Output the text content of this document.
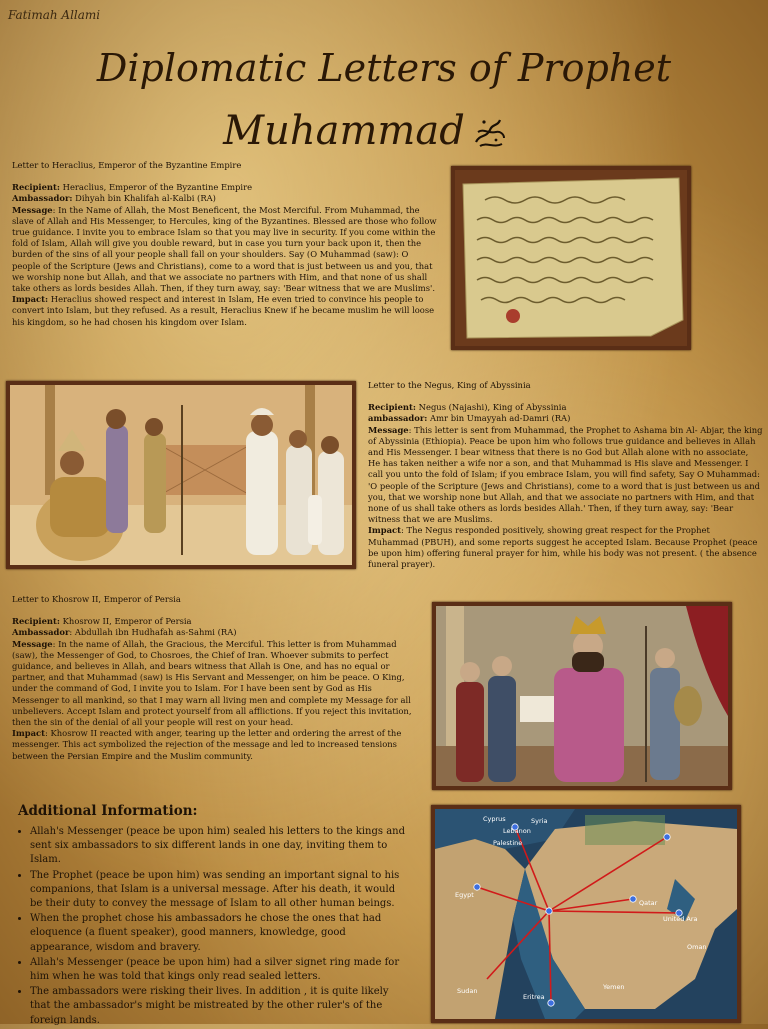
Fatimah Allami
Diplomatic Letters of Prophet
Muhammad

Letter to Heraclius, Emperor of the Byzantine Empire

Recipient: Heraclius, Emperor of the Byzantine Empire

Ambassador: Dihyah bin Khalifah al-Kalbi (RA)

Message: In the Name of Allah, the Most Beneficent, the Most Merciful. From Muhammad, the slave of Allah and His Messenger, to Hercules, king of the Byzantines. Blessed are those who follow true guidance. I invite you to embrace Islam so that you may live in security. If you come within the fold of Islam, Allah will give you double reward, but in case you turn your back upon it, then the burden of the sins of all your people shall fall on your shoulders. Say (O Muhammad (saw): O people of the Scripture (Jews and Christians), come to a word that is just between us and you, that we worship none but Allah, and that we associate no partners with Him, and that none of us shall take others as lords besides Allah. Then, if they turn away, say: 'Bear witness that we are Muslims'.

Impact: Heraclius showed respect and interest in Islam, He even tried to convince his people to convert into Islam, but they refused. As a result, Heraclius Knew if he became muslim he will loose his kingdom, so he had chosen his kingdom over Islam.

Letter to the Negus, King of Abyssinia

Recipient: Negus (Najashi), King of Abyssinia

ambassador: Amr bin Umayyah ad-Damri (RA)

Message: This letter is sent from Muhammad, the Prophet to Ashama bin Al- Abjar, the king of Abyssinia (Ethiopia). Peace be upon him who follows true guidance and believes in Allah and His Messenger. I bear witness that there is no God but Allah alone with no associate, He has taken neither a wife nor a son, and that Muhammad is His slave and Messenger. I call you unto the fold of Islam; if you embrace Islam, you will find safety, Say O Muhammad: 'O people of the Scripture (Jews and Christians), come to a word that is just between us and you, that we worship none but Allah, and that we associate no partners with Him, and that none of us shall take others as lords besides Allah.' Then, if they turn away, say: 'Bear witness that we are Muslims.

Impact: The Negus responded positively, showing great respect for the Prophet Muhammad (PBUH), and some reports suggest he accepted Islam. Because Prophet (peace be upon him) offering funeral prayer for him, while his body was not present. ( the absence funeral prayer).

Letter to Khosrow II, Emperor of Persia

Recipient: Khosrow II, Emperor of Persia

Ambassador: Abdullah ibn Hudhafah as-Sahmi (RA)

Message: In the name of Allah, the Gracious, the Merciful. This letter is from Muhammad (saw), the Messenger of God, to Chosroes, the Chief of Iran. Whoever submits to perfect guidance, and believes in Allah, and bears witness that Allah is One, and has no equal or partner, and that Muhammad (saw) is His Servant and Messenger, on him be peace. O King, under the command of God, I invite you to Islam. For I have been sent by God as His Messenger to all mankind, so that I may warn all living men and complete my Message for all unbelievers. Accept Islam and protect yourself from all afflictions. If you reject this invitation, then the sin of the denial of all your people will rest on your head.

Impact: Khosrow II reacted with anger, tearing up the letter and ordering the arrest of the messenger. This act symbolized the rejection of the message and led to increased tensions between the Persian Empire and the Muslim community.

Additional Information:
• Allah's Messenger (peace be upon him) sealed his letters to the kings and sent six ambassadors to six different lands in one day, inviting them to Islam.
• The Prophet (peace be upon him) was sending an important signal to his companions, that Islam is a universal message. After his death, it would be their duty to convey the message of Islam to all other human beings.
• When the prophet chose his ambassadors he chose the ones that had eloquence (a fluent speaker), good manners, knowledge, good appearance, wisdom and bravery.
• Allah's Messenger (peace be upon him) had a silver signet ring made for him when he was told that kings only read sealed letters.
• The ambassadors were risking their lives. In addition , it is quite likely that the ambassador's might be mistreated by the other ruler's of the foreign lands.
Cyprus
Lebanon
Syria
Palestine
Egypt
Qatar
United Ara
Oman
Sudan
Eritrea
Yemen
